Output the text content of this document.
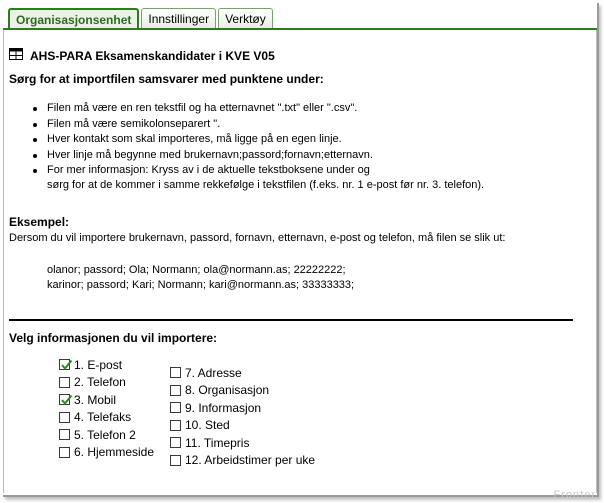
Organisasjonsenhet	Innstillinger	Verktøy
AHS-PARA Eksamenskandidater i KVE V05
Sørg for at importfilen samsvarer med punktene under:
Filen må være en ren tekstfil og ha etternavnet ".txt" eller ".csv".
Filen må være semikolonseparert ".
Hver kontakt som skal importeres, må ligge på en egen linje.
Hver linje må begynne med brukernavn;passord;fornavn;etternavn.
For mer informasjon: Kryss av i de aktuelle tekstboksene under og
sørg for at de kommer i samme rekkefølge i tekstfilen (f.eks. nr. 1 e-post før nr. 3. telefon).
Eksempel:
Dersom du vil importere brukernavn, passord, fornavn, etternavn, e-post og telefon, må filen se slik ut:
olanor; passord; Ola; Normann; ola@normann.as; 22222222;
karinor; passord; Kari; Normann; kari@normann.as; 33333333;
Velg informasjonen du vil importere:
1. E-post
2. Telefon
3. Mobil
4. Telefaks
5. Telefon 2
6. Hjemmeside
7. Adresse
8. Organisasjon
9. Informasjon
10. Sted
11. Timepris
12. Arbeidstimer per uke
Fronter
